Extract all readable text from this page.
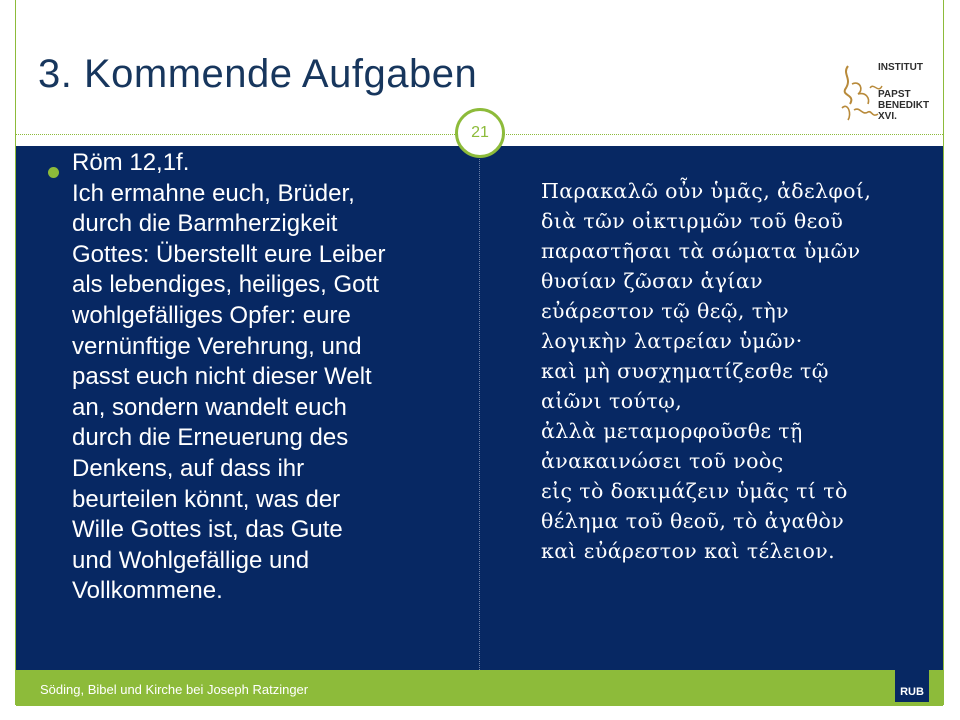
3. Kommende Aufgaben	INSTITUT
PAPST
BENEDIKT XVI.
21
Röm 12,1f.
Ich ermahne euch, Brüder,
durch die Barmherzigkeit
Gottes: Überstellt eure Leiber
als lebendiges, heiliges, Gott
wohlgefälliges Opfer: eure
vernünftige Verehrung, und
passt euch nicht dieser Welt
an, sondern wandelt euch
durch die Erneuerung des
Denkens, auf dass ihr
beurteilen könnt, was der
Wille Gottes ist, das Gute
und Wohlgefällige und
Vollkommene.
Παρακαλῶ οὖν ὑμᾶς, ἀδελφοί,
διὰ τῶν οἰκτιρμῶν τοῦ θεοῦ
παραστῆσαι τὰ σώματα ὑμῶν
θυσίαν ζῶσαν ἁγίαν
εὐάρεστον τῷ θεῷ, τὴν
λογικὴν λατρείαν ὑμῶν·
καὶ μὴ συσχηματίζεσθε τῷ
αἰῶνι τούτῳ,
ἀλλὰ μεταμορφοῦσθε τῇ
ἀνακαινώσει τοῦ νοὸς
εἰς τὸ δοκιμάζειν ὑμᾶς τί τὸ
θέλημα τοῦ θεοῦ, τὸ ἀγαθὸν
καὶ εὐάρεστον καὶ τέλειον.
Söding, Bibel und Kirche bei Joseph Ratzinger	RUB
